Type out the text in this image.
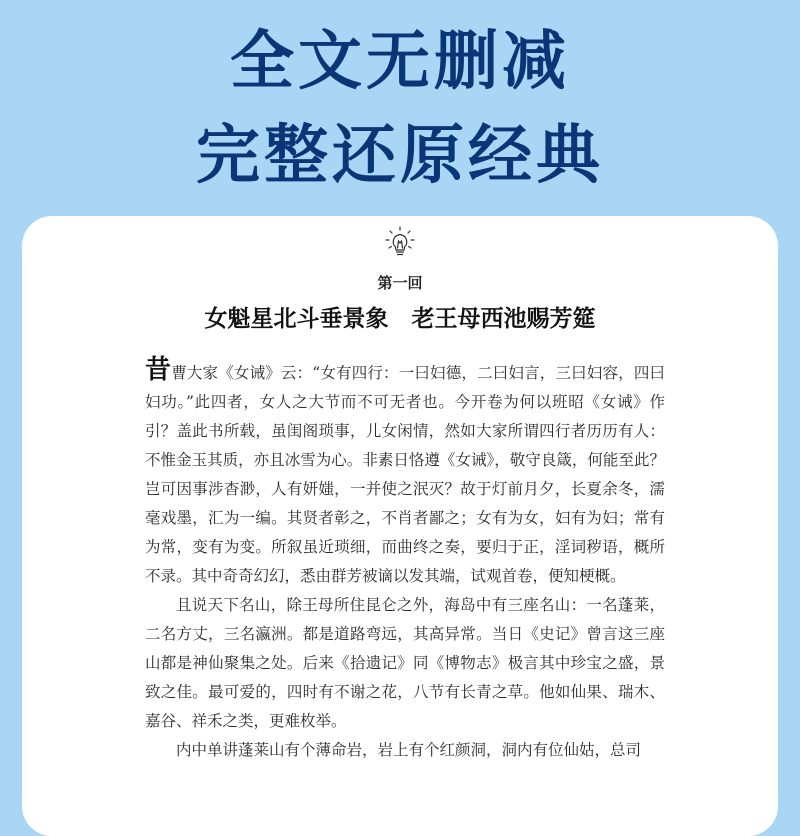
全文无删减
完整还原经典
第一回
女魁星北斗垂景象　老王母西池赐芳筵

昔曹大家《女诫》云：“女有四行：一曰妇德，二曰妇言，三曰妇容，四曰妇功。”此四者，女人之大节而不可无者也。今开卷为何以班昭《女诫》作引？盖此书所载，虽闺阁琐事，儿女闲情，然如大家所谓四行者历历有人：不惟金玉其质，亦且冰雪为心。非素日恪遵《女诫》，敬守良箴，何能至此？岂可因事涉杳渺，人有妍媸，一并使之泯灭？故于灯前月夕，长夏余冬，濡毫戏墨，汇为一编。其贤者彰之，不肖者鄙之；女有为女，妇有为妇；常有为常，变有为变。所叙虽近琐细，而曲终之奏，要归于正，淫词秽语，概所不录。其中奇奇幻幻，悉由群芳被谪以发其端，试观首卷，便知梗概。

且说天下名山，除王母所住昆仑之外，海岛中有三座名山：一名蓬莱，二名方丈，三名瀛洲。都是道路弯远，其高异常。当日《史记》曾言这三座山都是神仙聚集之处。后来《拾遗记》同《博物志》极言其中珍宝之盛，景致之佳。最可爱的，四时有不谢之花，八节有长青之草。他如仙果、瑞木、嘉谷、祥禾之类，更难枚举。

内中单讲蓬莱山有个薄命岩，岩上有个红颜洞，洞内有位仙姑，总司
